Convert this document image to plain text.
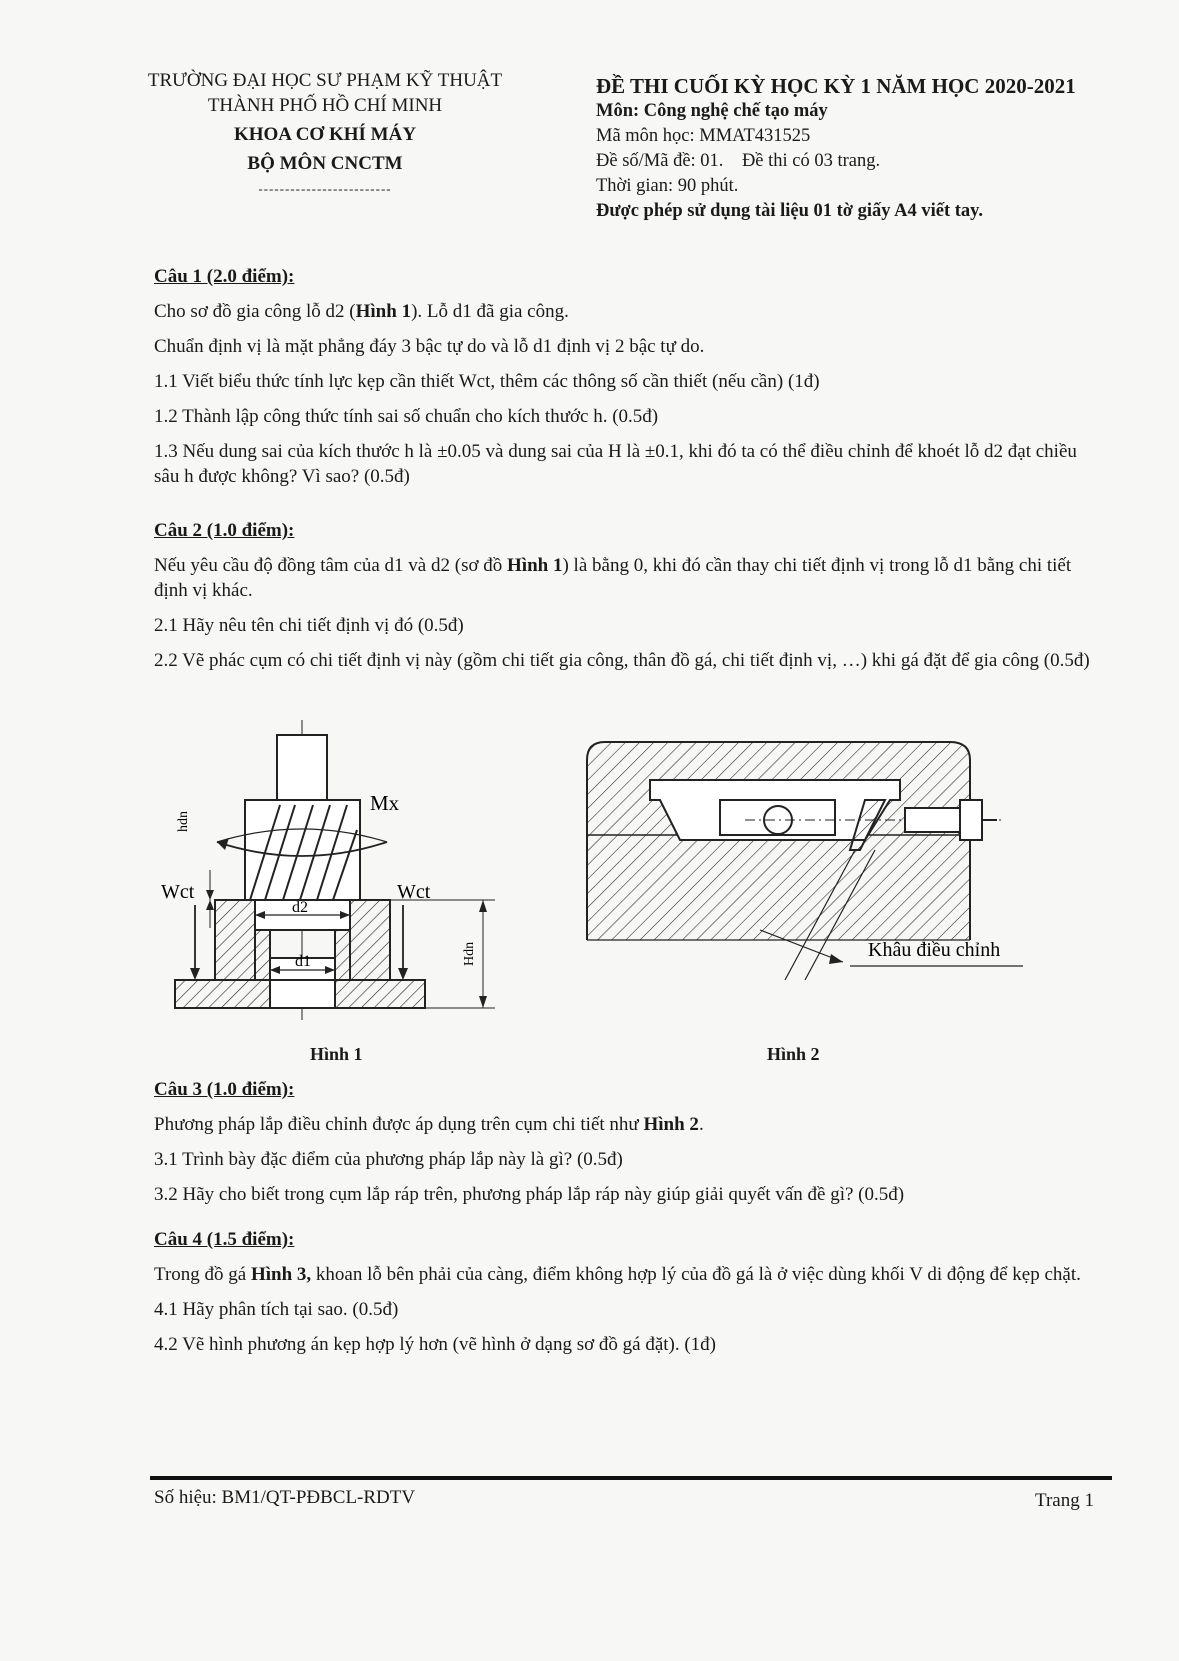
TRƯỜNG ĐẠI HỌC SƯ PHẠM KỸ THUẬT
THÀNH PHỐ HỒ CHÍ MINH
KHOA CƠ KHÍ MÁY
BỘ MÔN CNCTM
-------------------------
ĐỀ THI CUỐI KỲ HỌC KỲ 1 NĂM HỌC 2020-2021
Môn: Công nghệ chế tạo máy
Mã môn học: MMAT431525
Đề số/Mã đề: 01. Đề thi có 03 trang.
Thời gian: 90 phút.
Được phép sử dụng tài liệu 01 tờ giấy A4 viết tay.
Câu 1 (2.0 điểm):
Cho sơ đồ gia công lỗ d2 (Hình 1). Lỗ d1 đã gia công.
Chuẩn định vị là mặt phẳng đáy 3 bậc tự do và lỗ d1 định vị 2 bậc tự do.
1.1 Viết biểu thức tính lực kẹp cần thiết Wct, thêm các thông số cần thiết (nếu cần) (1đ)
1.2 Thành lập công thức tính sai số chuẩn cho kích thước h. (0.5đ)
1.3 Nếu dung sai của kích thước h là ±0.05 và dung sai của H là ±0.1, khi đó ta có thể điều chỉnh để khoét lỗ d2 đạt chiều sâu h được không? Vì sao? (0.5đ)
Câu 2 (1.0 điểm):
Nếu yêu cầu độ đồng tâm của d1 và d2 (sơ đồ Hình 1) là bằng 0, khi đó cần thay chi tiết định vị trong lỗ d1 bằng chi tiết định vị khác.
2.1 Hãy nêu tên chi tiết định vị đó (0.5đ)
2.2 Vẽ phác cụm có chi tiết định vị này (gồm chi tiết gia công, thân đồ gá, chi tiết định vị, …) khi gá đặt để gia công (0.5đ)
Mx
Wct	Wct
d2
d1
hdn
Hdn
Hình 1
Khâu điều chỉnh
Hình 2
Câu 3 (1.0 điểm):
Phương pháp lắp điều chỉnh được áp dụng trên cụm chi tiết như Hình 2.
3.1 Trình bày đặc điểm của phương pháp lắp này là gì? (0.5đ)
3.2 Hãy cho biết trong cụm lắp ráp trên, phương pháp lắp ráp này giúp giải quyết vấn đề gì? (0.5đ)
Câu 4 (1.5 điểm):
Trong đồ gá Hình 3, khoan lỗ bên phải của càng, điểm không hợp lý của đồ gá là ở việc dùng khối V di động để kẹp chặt.
4.1 Hãy phân tích tại sao. (0.5đ)
4.2 Vẽ hình phương án kẹp hợp lý hơn (vẽ hình ở dạng sơ đồ gá đặt). (1đ)
Số hiệu: BM1/QT-PĐBCL-RDTV	Trang 1
